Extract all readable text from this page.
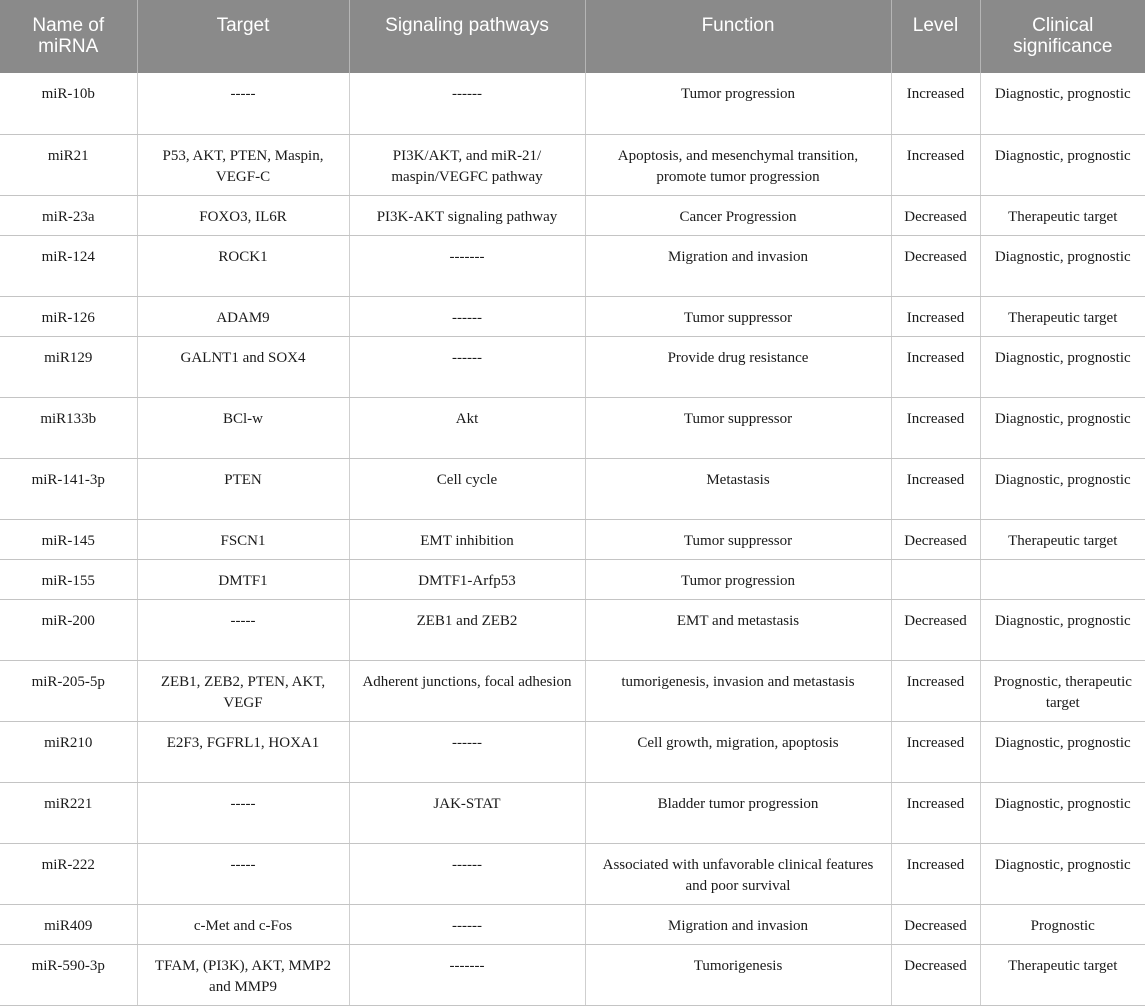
Name of miRNA	Target	Signaling pathways	Function	Level	Clinical significance
miR-10b	-----	------	Tumor progression	Increased	Diagnostic, prognostic
miR21	P53, AKT, PTEN, Maspin, VEGF-C	PI3K/AKT, and miR-21/ maspin/VEGFC pathway	Apoptosis, and mesenchymal transition, promote tumor progression	Increased	Diagnostic, prognostic
miR-23a	FOXO3, IL6R	PI3K-AKT signaling pathway	Cancer Progression	Decreased	Therapeutic target
miR-124	ROCK1	-------	Migration and invasion	Decreased	Diagnostic, prognostic
miR-126	ADAM9	------	Tumor suppressor	Increased	Therapeutic target
miR129	GALNT1 and SOX4	------	Provide drug resistance	Increased	Diagnostic, prognostic
miR133b	BCl-w	Akt	Tumor suppressor	Increased	Diagnostic, prognostic
miR-141-3p	PTEN	Cell cycle	Metastasis	Increased	Diagnostic, prognostic
miR-145	FSCN1	EMT inhibition	Tumor suppressor	Decreased	Therapeutic target
miR-155	DMTF1	DMTF1-Arfp53	Tumor progression		
miR-200	-----	ZEB1 and ZEB2	EMT and metastasis	Decreased	Diagnostic, prognostic
miR-205-5p	ZEB1, ZEB2, PTEN, AKT, VEGF	Adherent junctions, focal adhesion	tumorigenesis, invasion and metastasis	Increased	Prognostic, therapeutic target
miR210	E2F3, FGFRL1, HOXA1	------	Cell growth, migration, apoptosis	Increased	Diagnostic, prognostic
miR221	-----	JAK-STAT	Bladder tumor progression	Increased	Diagnostic, prognostic
miR-222	-----	------	Associated with unfavorable clinical features and poor survival	Increased	Diagnostic, prognostic
miR409	c-Met and c-Fos	------	Migration and invasion	Decreased	Prognostic
miR-590-3p	TFAM, (PI3K), AKT, MMP2 and MMP9	-------	Tumorigenesis	Decreased	Therapeutic target
